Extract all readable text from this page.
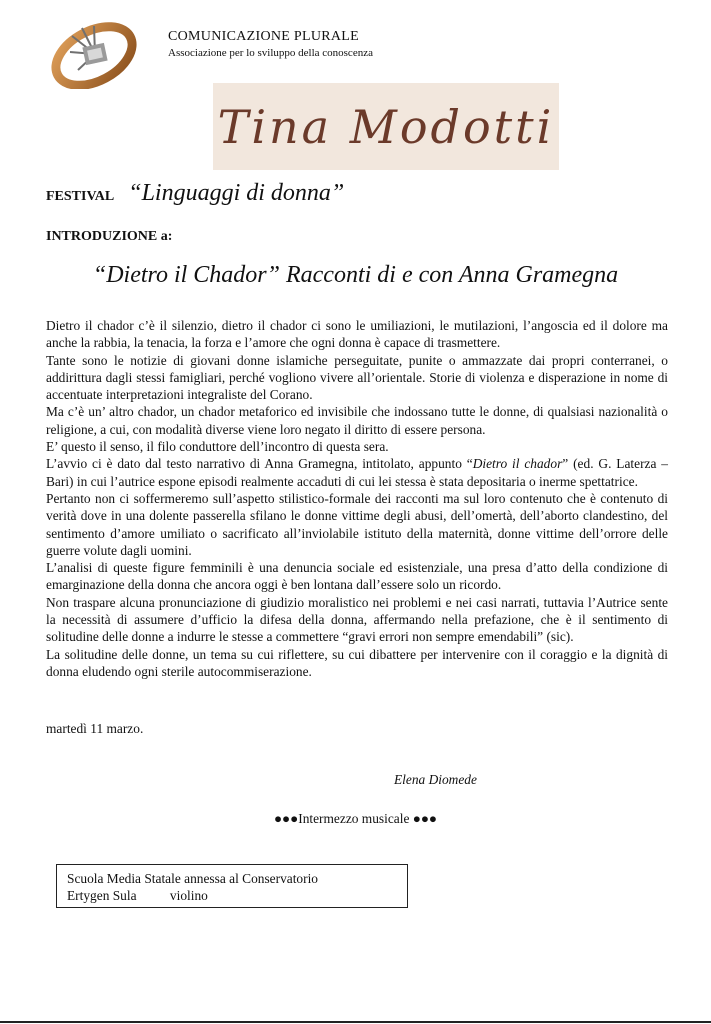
COMUNICAZIONE PLURALE
Associazione per lo sviluppo della conoscenza
Tina Modotti
FESTIVAL “Linguaggi di donna”
INTRODUZIONE a:
“Dietro il Chador” Racconti di e con Anna Gramegna

Dietro il chador c’è il silenzio, dietro il chador ci sono le umiliazioni, le mutilazioni, l’angoscia ed il dolore ma anche la rabbia, la tenacia, la forza e l’amore che ogni donna è capace di trasmettere.

Tante sono le notizie di giovani donne islamiche perseguitate, punite o ammazzate dai propri conterranei, o addirittura dagli stessi famigliari, perché vogliono vivere all’orientale. Storie di violenza e disperazione in nome di accentuate interpretazioni integraliste del Corano.

Ma c’è un’ altro chador, un chador metaforico ed invisibile che indossano tutte le donne, di qualsiasi nazionalità o religione, a cui, con modalità diverse viene loro negato il diritto di essere persona.

E’ questo il senso, il filo conduttore dell’incontro di questa sera.

L’avvio ci è dato dal testo narrativo di Anna Gramegna, intitolato, appunto “Dietro il chador” (ed. G. Laterza – Bari) in cui l’autrice espone episodi realmente accaduti di cui lei stessa è stata depositaria o inerme spettatrice.

Pertanto non ci soffermeremo sull’aspetto stilistico-formale dei racconti ma sul loro contenuto che è contenuto di verità dove in una dolente passerella sfilano le donne vittime degli abusi, dell’omertà, dell’aborto clandestino, del sentimento d’amore umiliato o sacrificato all’inviolabile istituto della maternità, donne vittime dell’orrore delle guerre volute dagli uomini.

L’analisi di queste figure femminili è una denuncia sociale ed esistenziale, una presa d’atto della condizione di emarginazione della donna che ancora oggi è ben lontana dall’essere solo un ricordo.

Non traspare alcuna pronunciazione di giudizio moralistico nei problemi e nei casi narrati, tuttavia l’Autrice sente la necessità di assumere d’ufficio la difesa della donna, affermando nella prefazione, che è il sentimento di solitudine delle donne a indurre le stesse a commettere “gravi errori non sempre emendabili” (sic).

La solitudine delle donne, un tema su cui riflettere, su cui dibattere per intervenire con il coraggio e la dignità di donna eludendo ogni sterile autocommiserazione.

martedì 11 marzo.
Elena Diomede
●●●Intermezzo musicale ●●●
Scuola Media Statale annessa al Conservatorio
Ertygen Sula violino
